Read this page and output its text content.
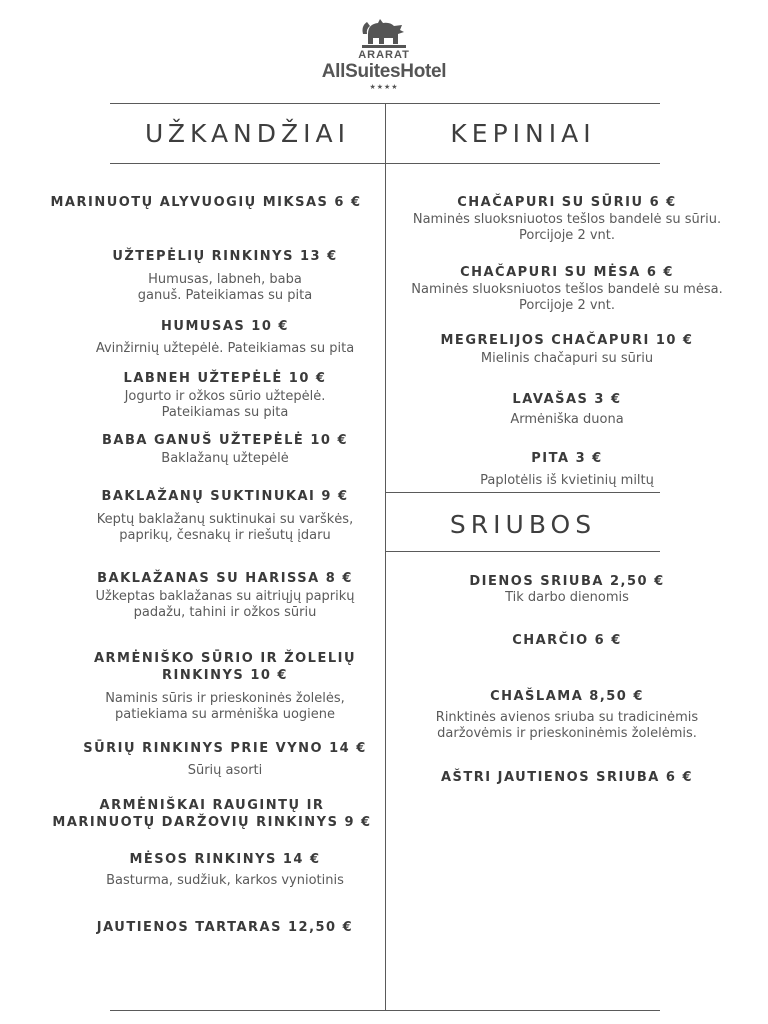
ARARAT
AllSuitesHotel
★★★★
UŽKANDŽIAI	KEPINIAI
SRIUBOS
MARINUOTŲ ALYVUOGIŲ MIKSAS 6 €
UŽTEPĖLIŲ RINKINYS 13 €
Humusas, labneh, baba
ganuš. Pateikiamas su pita
HUMUSAS 10 €
Avinžirnių užtepėlė. Pateikiamas su pita
LABNEH UŽTEPĖLĖ 10 €
Jogurto ir ožkos sūrio užtepėlė.
Pateikiamas su pita
BABA GANUŠ UŽTEPĖLĖ 10 €
Baklažanų užtepėlė
BAKLAŽANŲ SUKTINUKAI 9 €
Keptų baklažanų suktinukai su varškės,
paprikų, česnakų ir riešutų įdaru
BAKLAŽANAS SU HARISSA 8 €
Užkeptas baklažanas su aitriųjų paprikų
padažu, tahini ir ožkos sūriu
ARMĖNIŠKO SŪRIO IR ŽOLELIŲ
RINKINYS 10 €
Naminis sūris ir prieskoninės žolelės,
patiekiama su armėniška uogiene
SŪRIŲ RINKINYS PRIE VYNO 14 €
Sūrių asorti
ARMĖNIŠKAI RAUGINTŲ IR
MARINUOTŲ DARŽOVIŲ RINKINYS 9 €
MĖSOS RINKINYS 14 €
Basturma, sudžiuk, karkos vyniotinis
JAUTIENOS TARTARAS 12,50 €
CHAČAPURI SU SŪRIU 6 €
Naminės sluoksniuotos tešlos bandelė su sūriu.
Porcijoje 2 vnt.
CHAČAPURI SU MĖSA 6 €
Naminės sluoksniuotos tešlos bandelė su mėsa.
Porcijoje 2 vnt.
MEGRELIJOS CHAČAPURI 10 €
Mielinis chačapuri su sūriu
LAVAŠAS 3 €
Armėniška duona
PITA 3 €
Paplotėlis iš kvietinių miltų
DIENOS SRIUBA 2,50 €
Tik darbo dienomis
CHARČIO 6 €
CHAŠLAMA 8,50 €
Rinktinės avienos sriuba su tradicinėmis
daržovėmis ir prieskoninėmis žolelėmis.
AŠTRI JAUTIENOS SRIUBA 6 €
